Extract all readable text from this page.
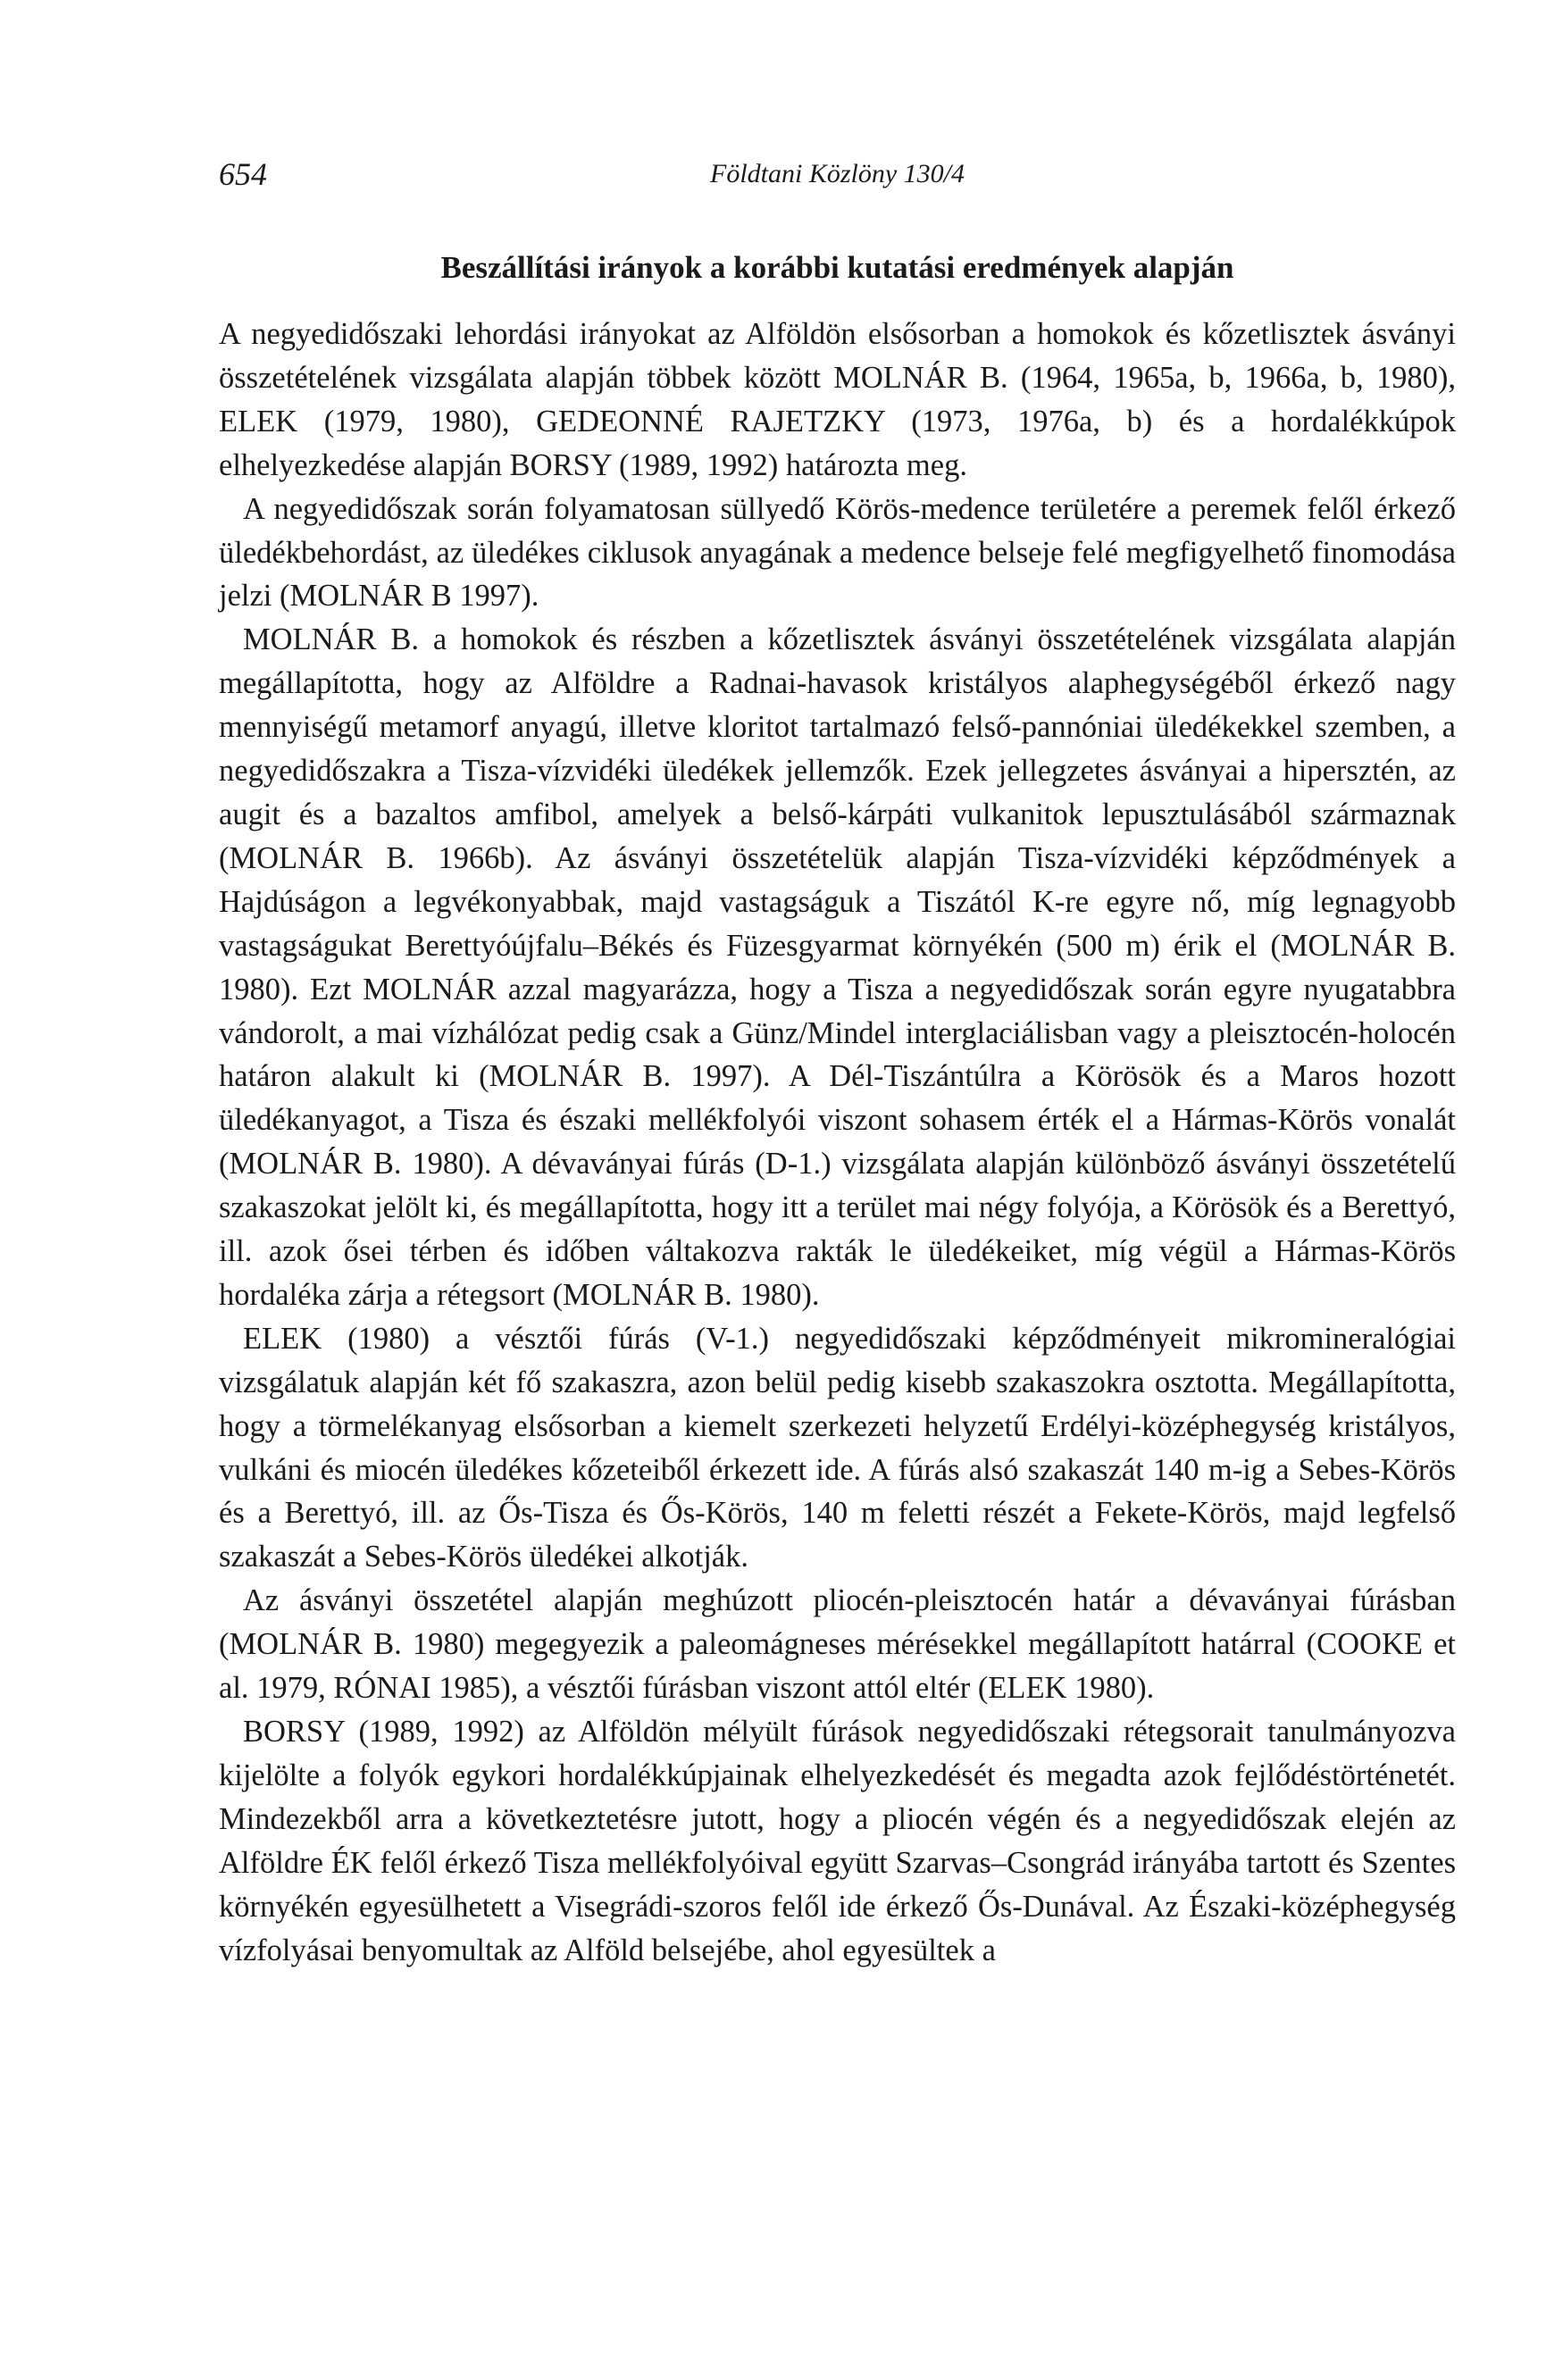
654	Földtani Közlöny 130/4
Beszállítási irányok a korábbi kutatási eredmények alapján

A negyedidőszaki lehordási irányokat az Alföldön elsősorban a homokok és kőzetlisztek ásványi összetételének vizsgálata alapján többek között MOLNÁR B. (1964, 1965a, b, 1966a, b, 1980), ELEK (1979, 1980), GEDEONNÉ RAJETZKY (1973, 1976a, b) és a hordalékkúpok elhelyezkedése alapján BORSY (1989, 1992) határozta meg.

A negyedidőszak során folyamatosan süllyedő Körös-medence területére a peremek felől érkező üledékbehordást, az üledékes ciklusok anyagának a medence belseje felé megfigyelhető finomodása jelzi (MOLNÁR B 1997).

MOLNÁR B. a homokok és részben a kőzetlisztek ásványi összetételének vizsgálata alapján megállapította, hogy az Alföldre a Radnai-havasok kristályos alaphegységéből érkező nagy mennyiségű metamorf anyagú, illetve kloritot tartalmazó felső-pannóniai üledékekkel szemben, a negyedidőszakra a Tisza-vízvidéki üledékek jellemzők. Ezek jellegzetes ásványai a hipersztén, az augit és a bazaltos amfibol, amelyek a belső-kárpáti vulkanitok lepusztulásából származnak (MOLNÁR B. 1966b). Az ásványi összetételük alapján Tisza-vízvidéki képződmények a Hajdúságon a legvékonyabbak, majd vastagságuk a Tiszától K-re egyre nő, míg legnagyobb vastagságukat Berettyóújfalu–Békés és Füzesgyarmat környékén (500 m) érik el (MOLNÁR B. 1980). Ezt MOLNÁR azzal magyarázza, hogy a Tisza a negyedidőszak során egyre nyugatabbra vándorolt, a mai vízhálózat pedig csak a Günz/Mindel interglaciálisban vagy a pleisztocén-holocén határon alakult ki (MOLNÁR B. 1997). A Dél-Tiszántúlra a Körösök és a Maros hozott üledékanyagot, a Tisza és északi mellékfolyói viszont sohasem érték el a Hármas-Körös vonalát (MOLNÁR B. 1980). A dévaványai fúrás (D-1.) vizsgálata alapján különböző ásványi összetételű szakaszokat jelölt ki, és megállapította, hogy itt a terület mai négy folyója, a Körösök és a Berettyó, ill. azok ősei térben és időben váltakozva rakták le üledékeiket, míg végül a Hármas-Körös hordaléka zárja a rétegsort (MOLNÁR B. 1980).

ELEK (1980) a vésztői fúrás (V-1.) negyedidőszaki képződményeit mikromineralógiai vizsgálatuk alapján két fő szakaszra, azon belül pedig kisebb szakaszokra osztotta. Megállapította, hogy a törmelékanyag elsősorban a kiemelt szerkezeti helyzetű Erdélyi-középhegység kristályos, vulkáni és miocén üledékes kőzeteiből érkezett ide. A fúrás alsó szakaszát 140 m-ig a Sebes-Körös és a Berettyó, ill. az Ős-Tisza és Ős-Körös, 140 m feletti részét a Fekete-Körös, majd legfelső szakaszát a Sebes-Körös üledékei alkotják.

Az ásványi összetétel alapján meghúzott pliocén-pleisztocén határ a dévaványai fúrásban (MOLNÁR B. 1980) megegyezik a paleomágneses mérésekkel megállapított határral (COOKE et al. 1979, RÓNAI 1985), a vésztői fúrásban viszont attól eltér (ELEK 1980).

BORSY (1989, 1992) az Alföldön mélyült fúrások negyedidőszaki rétegsorait tanulmányozva kijelölte a folyók egykori hordalékkúpjainak elhelyezkedését és megadta azok fejlődéstörténetét. Mindezekből arra a következtetésre jutott, hogy a pliocén végén és a negyedidőszak elején az Alföldre ÉK felől érkező Tisza mellékfolyóival együtt Szarvas–Csongrád irányába tartott és Szentes környékén egyesülhetett a Visegrádi-szoros felől ide érkező Ős-Dunával. Az Északi-középhegység vízfolyásai benyomultak az Alföld belsejébe, ahol egyesültek a
